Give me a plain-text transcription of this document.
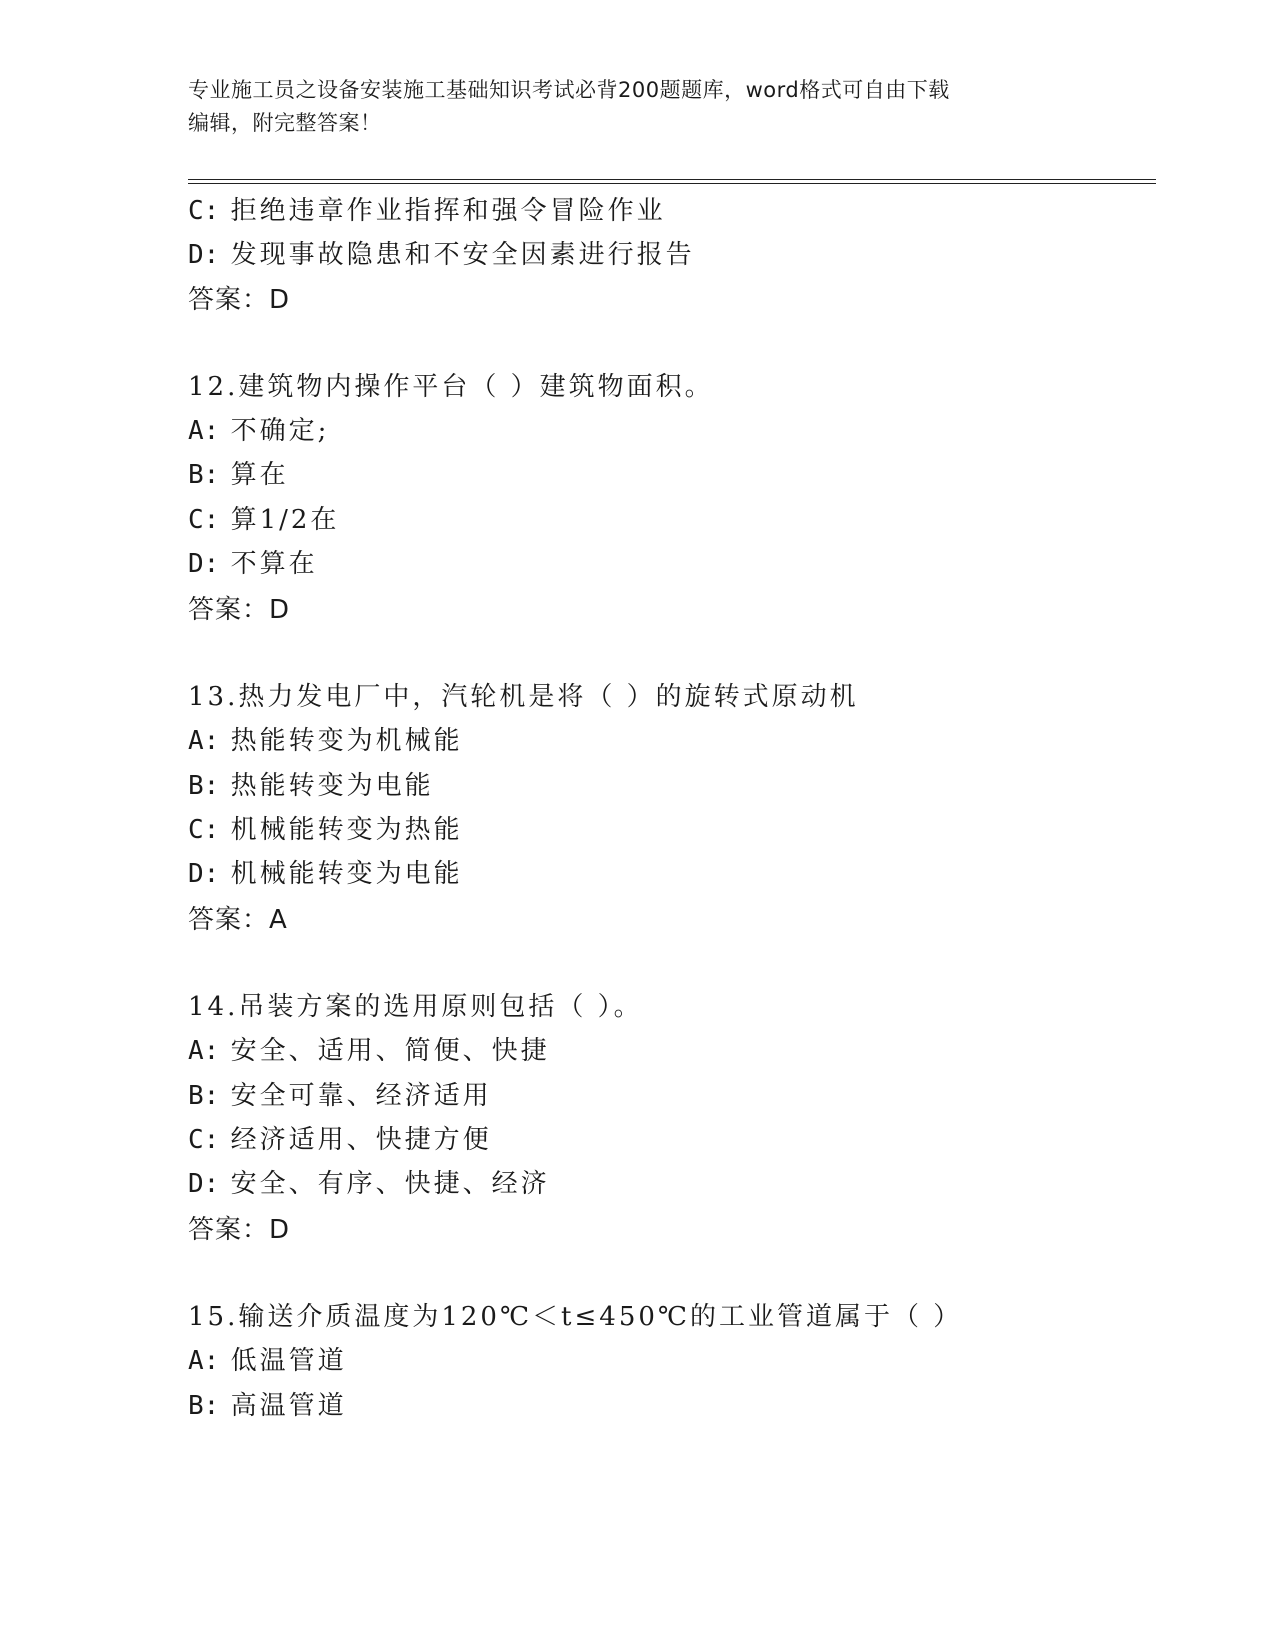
专业施工员之设备安装施工基础知识考试必背200题题库，word格式可自由下载
编辑，附完整答案！
C: 拒绝违章作业指挥和强令冒险作业
D: 发现事故隐患和不安全因素进行报告
答案：D
12.建筑物内操作平台（ ）建筑物面积。
A: 不确定;
B: 算在
C: 算1/2在
D: 不算在
答案：D
13.热力发电厂中，汽轮机是将（ ）的旋转式原动机
A: 热能转变为机械能
B: 热能转变为电能
C: 机械能转变为热能
D: 机械能转变为电能
答案：A
14.吊装方案的选用原则包括（ ）。
A: 安全、适用、简便、快捷
B: 安全可靠、经济适用
C: 经济适用、快捷方便
D: 安全、有序、快捷、经济
答案：D
15.输送介质温度为120℃＜t≤450℃的工业管道属于（ ）
A: 低温管道
B: 高温管道
